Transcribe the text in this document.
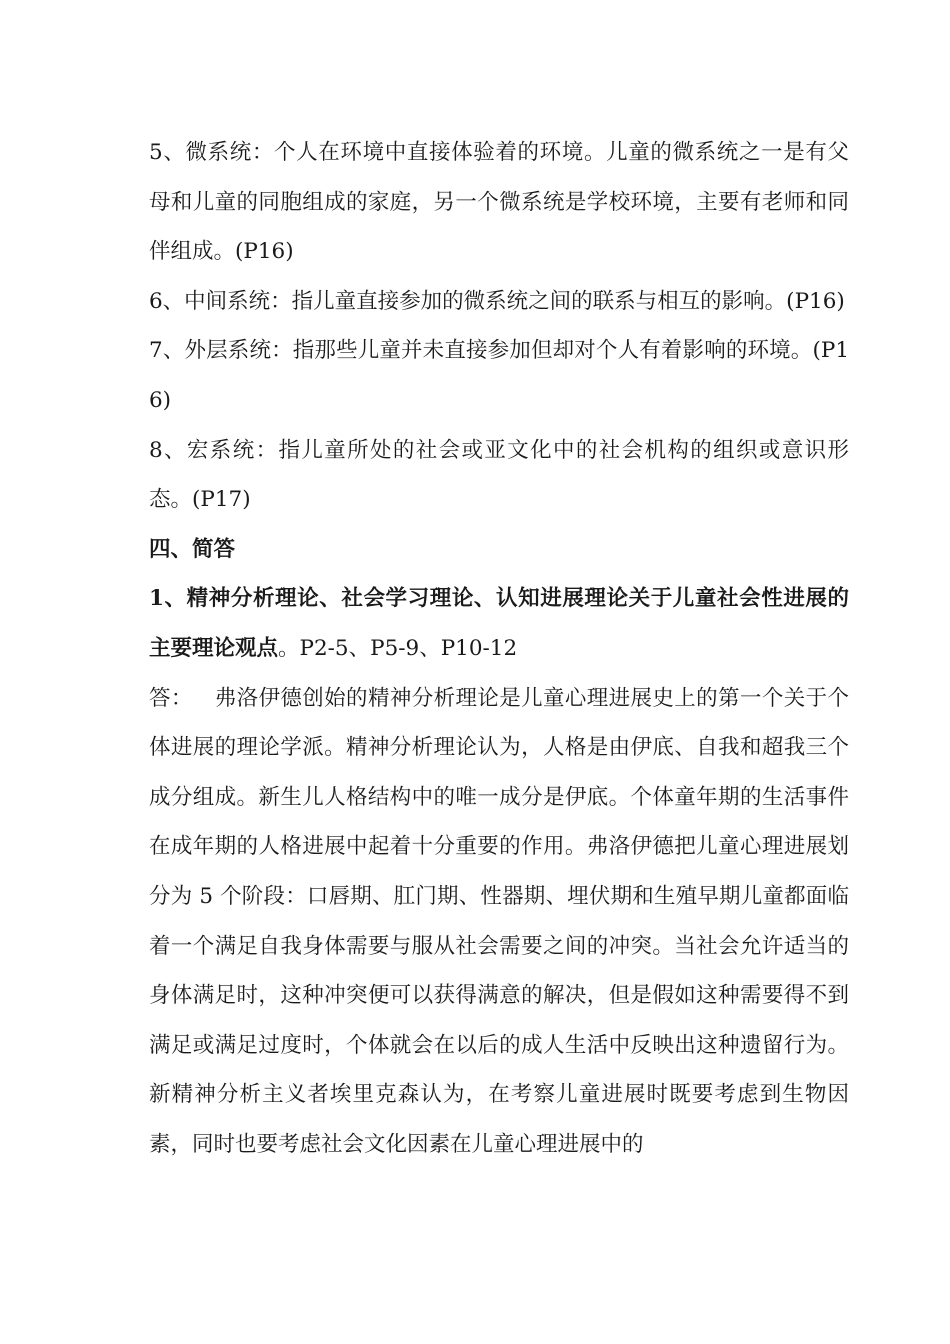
5、微系统：个人在环境中直接体验着的环境。儿童的微系统之一是有父母和儿童的同胞组成的家庭，另一个微系统是学校环境，主要有老师和同伴组成。(P16)

6、中间系统：指儿童直接参加的微系统之间的联系与相互的影响。(P16)

7、外层系统：指那些儿童并未直接参加但却对个人有着影响的环境。(P16)

8、宏系统：指儿童所处的社会或亚文化中的社会机构的组织或意识形态。(P17)

四、简答

1、精神分析理论、社会学习理论、认知进展理论关于儿童社会性进展的主要理论观点。P2-5、P5-9、P10-12

答： 弗洛伊德创始的精神分析理论是儿童心理进展史上的第一个关于个体进展的理论学派。精神分析理论认为，人格是由伊底、自我和超我三个成分组成。新生儿人格结构中的唯一成分是伊底。个体童年期的生活事件在成年期的人格进展中起着十分重要的作用。弗洛伊德把儿童心理进展划分为 5 个阶段：口唇期、肛门期、性器期、埋伏期和生殖早期儿童都面临着一个满足自我身体需要与服从社会需要之间的冲突。当社会允许适当的身体满足时，这种冲突便可以获得满意的解决，但是假如这种需要得不到满足或满足过度时，个体就会在以后的成人生活中反映出这种遗留行为。新精神分析主义者埃里克森认为，在考察儿童进展时既要考虑到生物因素，同时也要考虑社会文化因素在儿童心理进展中的
